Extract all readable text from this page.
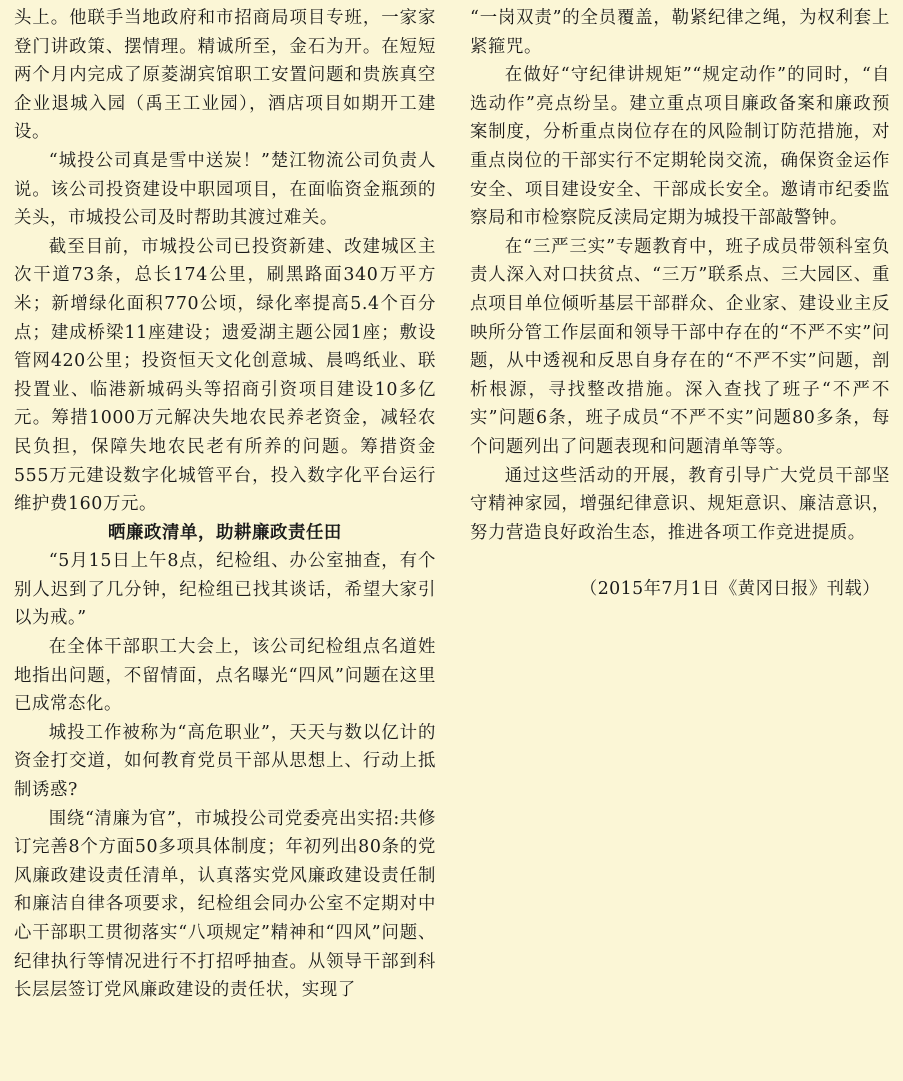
头上。他联手当地政府和市招商局项目专班，一家家登门讲政策、摆情理。精诚所至，金石为开。在短短两个月内完成了原菱湖宾馆职工安置问题和贵族真空企业退城入园（禹王工业园），酒店项目如期开工建设。

“城投公司真是雪中送炭！”楚江物流公司负责人说。该公司投资建设中职园项目，在面临资金瓶颈的关头，市城投公司及时帮助其渡过难关。

截至目前，市城投公司已投资新建、改建城区主次干道73条，总长174公里，刷黑路面340万平方米；新增绿化面积770公顷，绿化率提高5.4个百分点；建成桥梁11座建设；遗爱湖主题公园1座；敷设管网420公里；投资恒天文化创意城、晨鸣纸业、联投置业、临港新城码头等招商引资项目建设10多亿元。筹措1000万元解决失地农民养老资金，减轻农民负担，保障失地农民老有所养的问题。筹措资金555万元建设数字化城管平台，投入数字化平台运行维护费160万元。

晒廉政清单，助耕廉政责任田

“5月15日上午8点，纪检组、办公室抽查，有个别人迟到了几分钟，纪检组已找其谈话，希望大家引以为戒。”

在全体干部职工大会上，该公司纪检组点名道姓地指出问题，不留情面，点名曝光“四风”问题在这里已成常态化。

城投工作被称为“高危职业”，天天与数以亿计的资金打交道，如何教育党员干部从思想上、行动上抵制诱惑?

围绕“清廉为官”，市城投公司党委亮出实招:共修订完善8个方面50多项具体制度；年初列出80条的党风廉政建设责任清单，认真落实党风廉政建设责任制和廉洁自律各项要求，纪检组会同办公室不定期对中心干部职工贯彻落实“八项规定”精神和“四风”问题、纪律执行等情况进行不打招呼抽查。从领导干部到科长层层签订党风廉政建设的责任状，实现了

“一岗双责”的全员覆盖，勒紧纪律之绳，为权利套上紧箍咒。

在做好“守纪律讲规矩”“规定动作”的同时，“自选动作”亮点纷呈。建立重点项目廉政备案和廉政预案制度，分析重点岗位存在的风险制订防范措施，对重点岗位的干部实行不定期轮岗交流，确保资金运作安全、项目建设安全、干部成长安全。邀请市纪委监察局和市检察院反渎局定期为城投干部敲警钟。

在“三严三实”专题教育中，班子成员带领科室负责人深入对口扶贫点、“三万”联系点、三大园区、重点项目单位倾听基层干部群众、企业家、建设业主反映所分管工作层面和领导干部中存在的“不严不实”问题，从中透视和反思自身存在的“不严不实”问题，剖析根源，寻找整改措施。深入查找了班子“不严不实”问题6条，班子成员“不严不实”问题80多条，每个问题列出了问题表现和问题清单等等。

通过这些活动的开展，教育引导广大党员干部坚守精神家园，增强纪律意识、规矩意识、廉洁意识，努力营造良好政治生态，推进各项工作竞进提质。

（2015年7月1日《黄冈日报》刊载）
